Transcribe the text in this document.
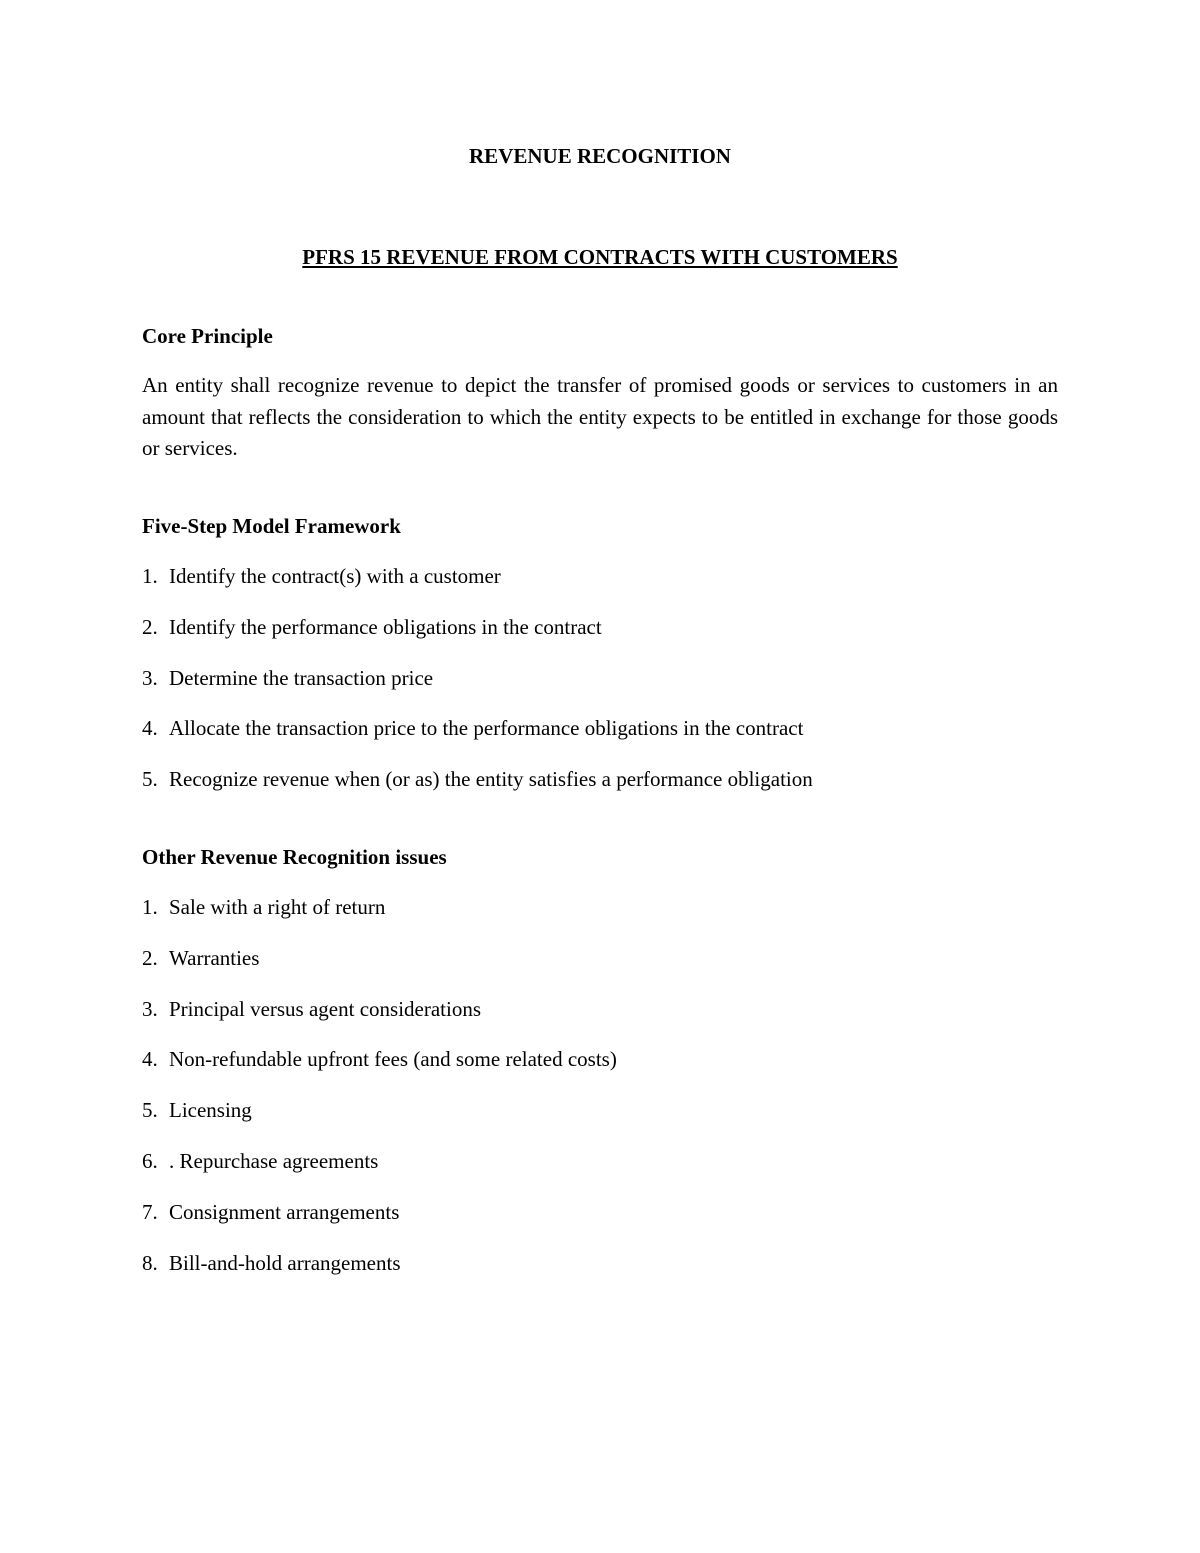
REVENUE RECOGNITION
PFRS 15 REVENUE FROM CONTRACTS WITH CUSTOMERS
Core Principle

An entity shall recognize revenue to depict the transfer of promised goods or services to customers in an amount that reflects the consideration to which the entity expects to be entitled in exchange for those goods or services.

Five-Step Model Framework
1. Identify the contract(s) with a customer
2. Identify the performance obligations in the contract
3. Determine the transaction price
4. Allocate the transaction price to the performance obligations in the contract
5. Recognize revenue when (or as) the entity satisfies a performance obligation
Other Revenue Recognition issues
1. Sale with a right of return
2. Warranties
3. Principal versus agent considerations
4. Non-refundable upfront fees (and some related costs)
5. Licensing
6. . Repurchase agreements
7. Consignment arrangements
8. Bill-and-hold arrangements
